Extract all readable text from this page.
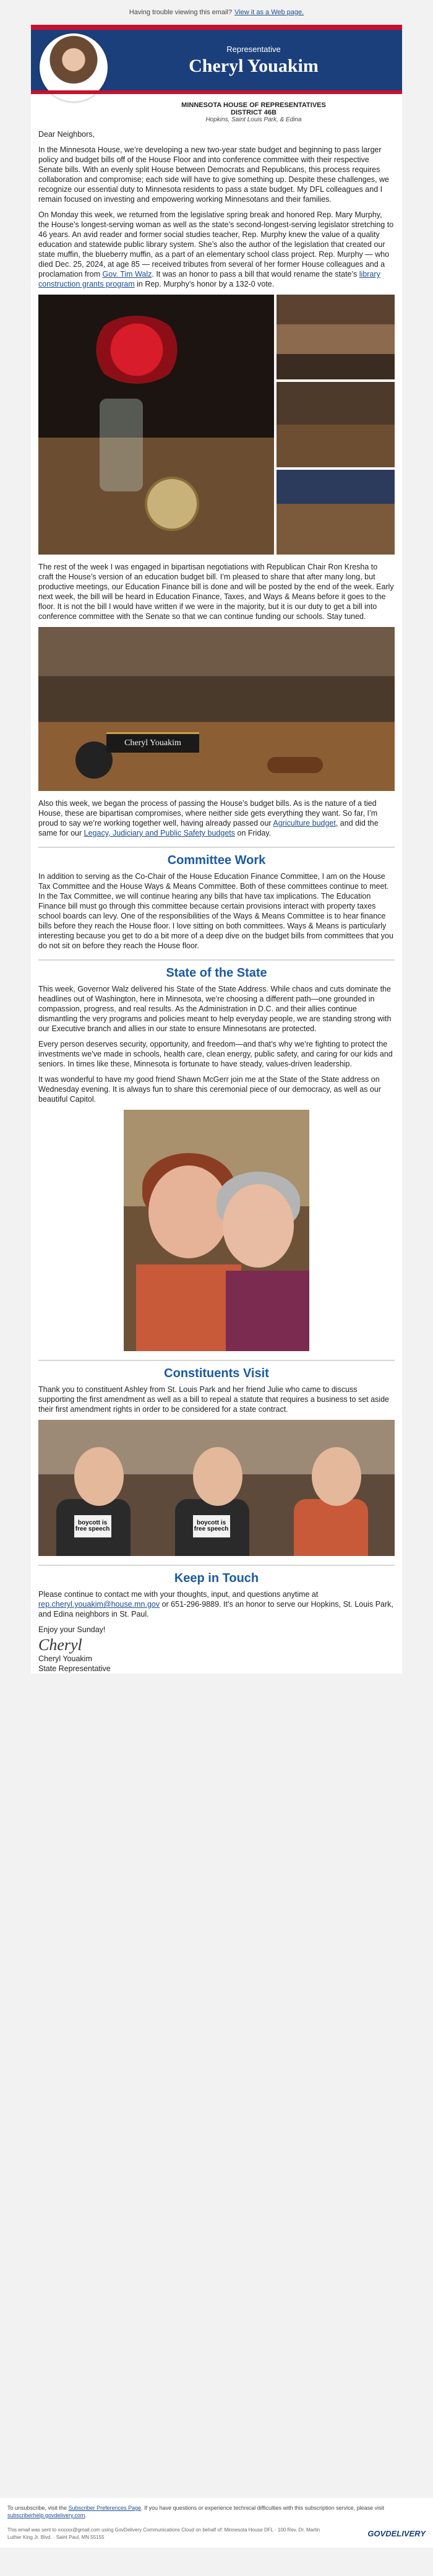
Having trouble viewing this email? View it as a Web page.
Representative
Cheryl Youakim
MINNESOTA HOUSE OF REPRESENTATIVES
DISTRICT 46B
Hopkins, Saint Louis Park, & Edina

Dear Neighbors,

In the Minnesota House, we’re developing a new two-year state budget and beginning to pass larger policy and budget bills off of the House Floor and into conference committee with their respective Senate bills. With an evenly split House between Democrats and Republicans, this process requires collaboration and compromise; each side will have to give something up. Despite these challenges, we recognize our essential duty to Minnesota residents to pass a state budget. My DFL colleagues and I remain focused on investing and empowering working Minnesotans and their families.

On Monday this week, we returned from the legislative spring break and honored Rep. Mary Murphy, the House’s longest-serving woman as well as the state’s second-longest-serving legislator stretching to 46 years. An avid reader and former social studies teacher, Rep. Murphy knew the value of a quality education and statewide public library system. She’s also the author of the legislation that created our state muffin, the blueberry muffin, as a part of an elementary school class project. Rep. Murphy — who died Dec. 25, 2024, at age 85 — received tributes from several of her former House colleagues and a proclamation from Gov. Tim Walz. It was an honor to pass a bill that would rename the state’s library construction grants program in Rep. Murphy’s honor by a 132-0 vote.

The rest of the week I was engaged in bipartisan negotiations with Republican Chair Ron Kresha to craft the House’s version of an education budget bill. I’m pleased to share that after many long, but productive meetings, our Education Finance bill is done and will be posted by the end of the week. Early next week, the bill will be heard in Education Finance, Taxes, and Ways & Means before it goes to the floor. It is not the bill I would have written if we were in the majority, but it is our duty to get a bill into conference committee with the Senate so that we can continue funding our schools. Stay tuned.

Cheryl Youakim

Also this week, we began the process of passing the House’s budget bills. As is the nature of a tied House, these are bipartisan compromises, where neither side gets everything they want. So far, I’m proud to say we’re working together well, having already passed our Agriculture budget, and did the same for our Legacy, Judiciary and Public Safety budgets on Friday.

Committee Work

In addition to serving as the Co-Chair of the House Education Finance Committee, I am on the House Tax Committee and the House Ways & Means Committee. Both of these committees continue to meet. In the Tax Committee, we will continue hearing any bills that have tax implications. The Education Finance bill must go through this committee because certain provisions interact with property taxes school boards can levy. One of the responsibilities of the Ways & Means Committee is to hear finance bills before they reach the House floor. I love sitting on both committees. Ways & Means is particularly interesting because you get to do a bit more of a deep dive on the budget bills from committees that you do not sit on before they reach the House floor.

State of the State

This week, Governor Walz delivered his State of the State Address. While chaos and cuts dominate the headlines out of Washington, here in Minnesota, we’re choosing a different path—one grounded in compassion, progress, and real results. As the Administration in D.C. and their allies continue dismantling the very programs and policies meant to help everyday people, we are standing strong with our Executive branch and allies in our state to ensure Minnesotans are protected.

Every person deserves security, opportunity, and freedom—and that’s why we’re fighting to protect the investments we’ve made in schools, health care, clean energy, public safety, and caring for our kids and seniors. In times like these, Minnesota is fortunate to have steady, values-driven leadership.

It was wonderful to have my good friend Shawn McGerr join me at the State of the State address on Wednesday evening. It is always fun to share this ceremonial piece of our democracy, as well as our beautiful Capitol.

Constituents Visit

Thank you to constituent Ashley from St. Louis Park and her friend Julie who came to discuss supporting the first amendment as well as a bill to repeal a statute that requires a business to set aside their first amendment rights in order to be considered for a state contract.

boycott is free speech
boycott is free speech
Keep in Touch

Please continue to contact me with your thoughts, input, and questions anytime at rep.cheryl.youakim@house.mn.gov or 651-296-9889. It’s an honor to serve our Hopkins, St. Louis Park, and Edina neighbors in St. Paul.

Enjoy your Sunday!

Cheryl
Cheryl Youakim
State Representative
To unsubscribe, visit the Subscriber Preferences Page. If you have questions or experience technical difficulties with this subscription service, please visit subscriberhelp.govdelivery.com.
This email was sent to xxxxxx@gmail.com using GovDelivery Communications Cloud on behalf of: Minnesota House DFL · 100 Rev. Dr. Martin Luther King Jr. Blvd. · Saint Paul, MN 55155	GOVDELIVERY
